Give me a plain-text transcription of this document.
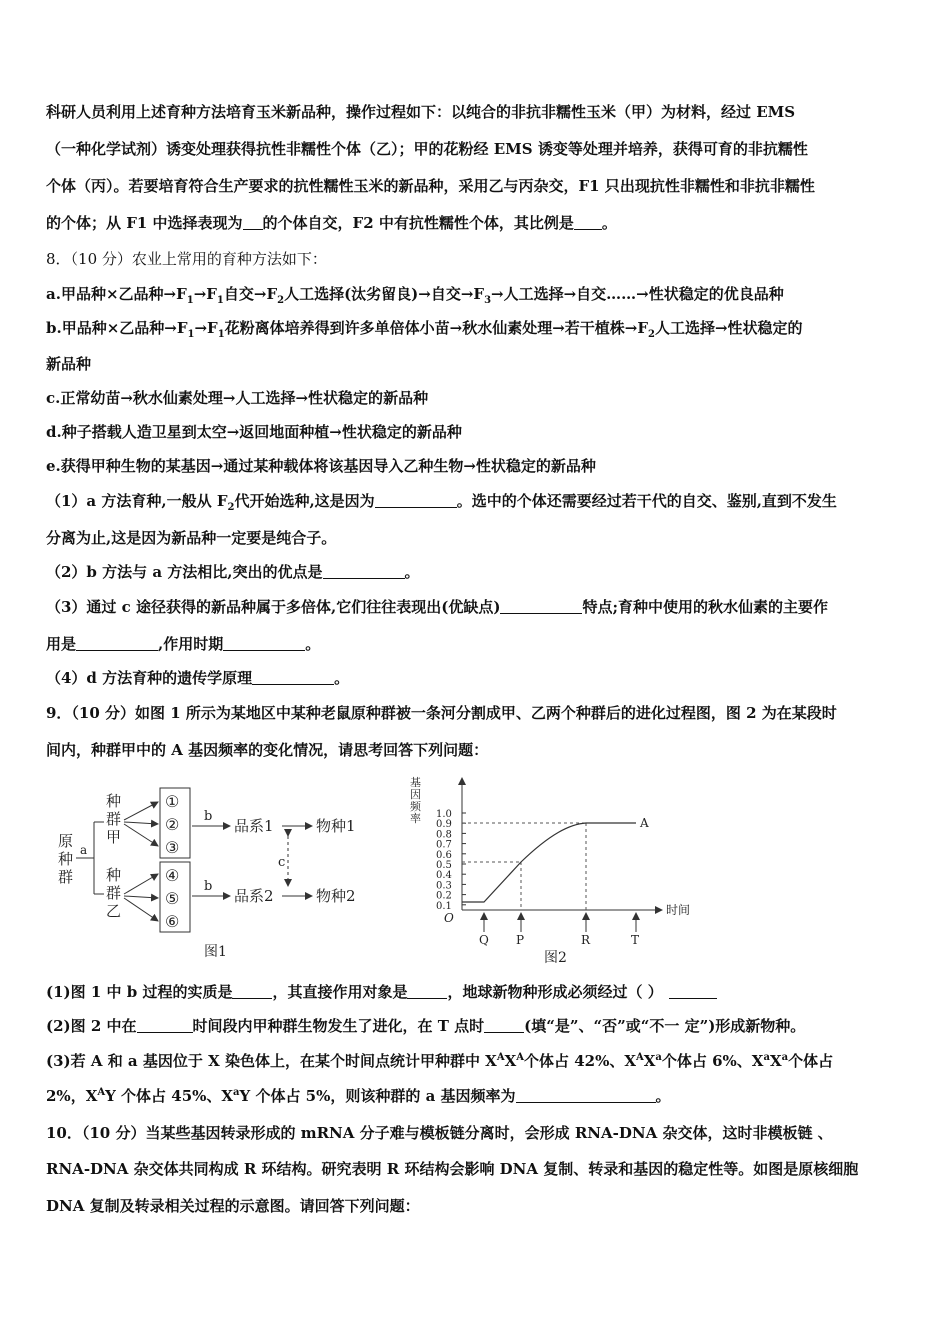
科研人员利用上述育种方法培育玉米新品种，操作过程如下：以纯合的非抗非糯性玉米（甲）为材料，经过 EMS
（一种化学试剂）诱变处理获得抗性非糯性个体（乙）；甲的花粉经 EMS 诱变等处理并培养，获得可育的非抗糯性
个体（丙）。若要培育符合生产要求的抗性糯性玉米的新品种，采用乙与丙杂交，F1 只出现抗性非糯性和非抗非糯性
的个体；从 F1 中选择表现为 的个体自交，F2 中有抗性糯性个体，其比例是 。
8．（10 分）农业上常用的育种方法如下：
a.甲品种×乙品种$\to F_1\to F_1$自交$\to F_2$人工选择(汰劣留良)→自交$\to F_3\to$人工选择→自交……→性状稳定的优良品种
b.甲品种×乙品种$\to F_1\to F_1$花粉离体培养得到许多单倍体小苗→秋水仙素处理→若干植株$\to F_2$人工选择→性状稳定的
新品种
c.正常幼苗→秋水仙素处理→人工选择→性状稳定的新品种
d.种子搭载人造卫星到太空→返回地面种植→性状稳定的新品种
e.获得甲种生物的某基因→通过某种载体将该基因导入乙种生物→性状稳定的新品种
（1）a 方法育种,一般从 $F_2$代开始选种,这是因为	。选中的个体还需要经过若干代的自交、鉴别,直到不发生
分离为止,这是因为新品种一定要是纯合子。
（2）b 方法与 a 方法相比,突出的优点是	。
（3）通过 c 途径获得的新品种属于多倍体,它们往往表现出(优缺点)	特点;育种中使用的秋水仙素的主要作
用是	,作用时期	。
（4）d 方法育种的遗传学原理	。
9．（10 分）如图 1 所示为某地区中某种老鼠原种群被一条河分割成甲、乙两个种群后的进化过程图，图 2 为在某段时
间内，种群甲中的 A 基因频率的变化情况，请思考回答下列问题：
原
种
群
a
种
群
甲
种
群
乙
①
②
③
④
⑤
⑥
b
品系1	物种1
b
品系2	物种2
c
图1
基
因
频
率
时间
O
1.0
0.9
0.8
0.7
0.6
0.5
0.4
0.3
0.2
0.1
A
Q P	R	T
图2
(1)图 1 中 b 过程的实质是	，其直接作用对象是	，地球新物种形成必须经过（ ）
(2)图 2 中在	时间段内甲种群生物发生了进化，在 T 点时	(填“是”、“否”或“不一 定”)形成新物种。
(3)若 A 和 a 基因位于 X 染色体上，在某个时间点统计甲种群中 $X^AX^A$个体占 42%、$X^AX^a$个体占 6%、$X^aX^a$个体占
2%，$X^AY$ 个体占 45%、$X^aY$ 个体占 5%，则该种群的 a 基因频率为	。
10．（10 分）当某些基因转录形成的 mRNA 分子难与模板链分离时，会形成 RNA-DNA 杂交体，这时非模板链 、
RNA-DNA 杂交体共同构成 R 环结构。研究表明 R 环结构会影响 DNA 复制、转录和基因的稳定性等。如图是原核细胞
DNA 复制及转录相关过程的示意图。请回答下列问题：
